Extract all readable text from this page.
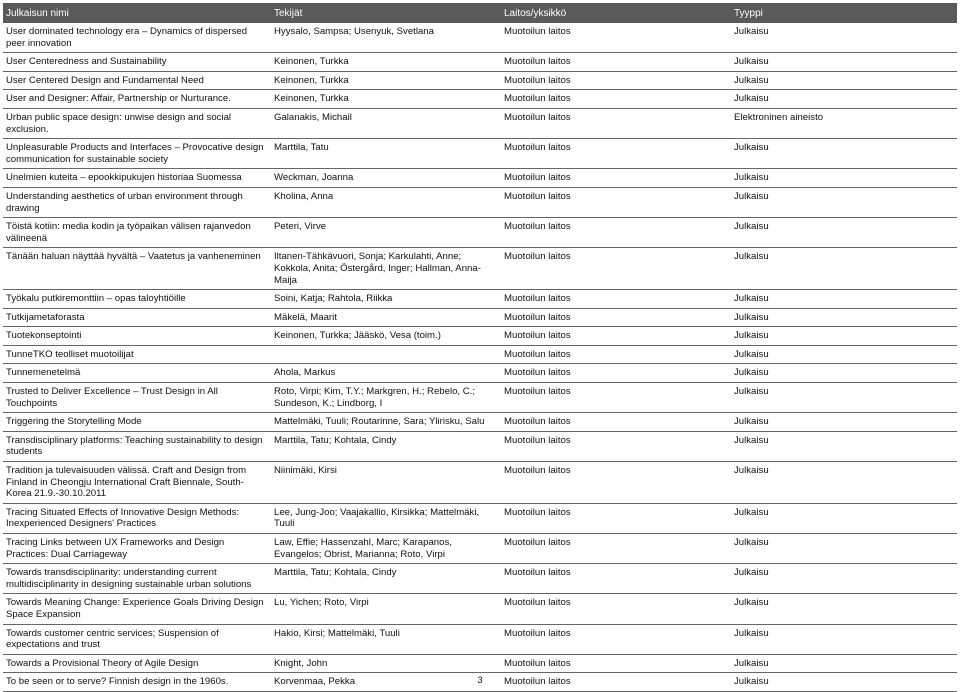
Julkaisun nimi	Tekijät	Laitos/yksikkö	Tyyppi
User dominated technology era – Dynamics of dispersed peer innovation	Hyysalo, Sampsa; Usenyuk, Svetlana	Muotoilun laitos	Julkaisu
User Centeredness and Sustainability	Keinonen, Turkka	Muotoilun laitos	Julkaisu
User Centered Design and Fundamental Need	Keinonen, Turkka	Muotoilun laitos	Julkaisu
User and Designer: Affair, Partnership or Nurturance.	Keinonen, Turkka	Muotoilun laitos	Julkaisu
Urban public space design: unwise design and social exclusion.	Galanakis, Michail	Muotoilun laitos	Elektroninen aineisto
Unpleasurable Products and Interfaces – Provocative design communication for sustainable society	Marttila, Tatu	Muotoilun laitos	Julkaisu
Unelmien kuteita – epookkipukujen historiaa Suomessa	Weckman, Joanna	Muotoilun laitos	Julkaisu
Understanding aesthetics of urban environment through drawing	Kholina, Anna	Muotoilun laitos	Julkaisu
Töistä kotiin: media kodin ja työpaikan välisen rajanvedon välineenä	Peteri, Virve	Muotoilun laitos	Julkaisu
Tänään haluan näyttää hyvältä – Vaatetus ja vanheneminen	Iltanen-Tähkävuori, Sonja; Karkulahti, Anne; Kokkola, Anita; Östergård, Inger; Hallman, Anna-Maija	Muotoilun laitos	Julkaisu
Työkalu putkiremonttiin – opas taloyhtiöille	Soini, Katja; Rahtola, Riikka	Muotoilun laitos	Julkaisu
Tutkijametaforasta	Mäkelä, Maarit	Muotoilun laitos	Julkaisu
Tuotekonseptointi	Keinonen, Turkka; Jääskö, Vesa (toim.)	Muotoilun laitos	Julkaisu
TunneTKO teolliset muotoilijat		Muotoilun laitos	Julkaisu
Tunnemenetelmä	Ahola, Markus	Muotoilun laitos	Julkaisu
Trusted to Deliver Excellence – Trust Design in All Touchpoints	Roto, Virpi; Kim, T.Y.; Markgren, H.; Rebelo, C.; Sundeson, K.; Lindborg, I	Muotoilun laitos	Julkaisu
Triggering the Storytelling Mode	Mattelmäki, Tuuli; Routarinne, Sara; Ylirisku, Salu	Muotoilun laitos	Julkaisu
Transdisciplinary platforms: Teaching sustainability to design students	Marttila, Tatu; Kohtala, Cindy	Muotoilun laitos	Julkaisu
Tradition ja tulevaisuuden välissä. Craft and Design from Finland in Cheongju International Craft Biennale, South-Korea 21.9.-30.10.2011	Niinimäki, Kirsi	Muotoilun laitos	Julkaisu
Tracing Situated Effects of Innovative Design Methods: Inexperienced Designers' Practices	Lee, Jung-Joo; Vaajakallio, Kirsikka; Mattelmäki, Tuuli	Muotoilun laitos	Julkaisu
Tracing Links between UX Frameworks and Design Practices: Dual Carriageway	Law, Effie; Hassenzahl, Marc; Karapanos, Evangelos; Obrist, Marianna; Roto, Virpi	Muotoilun laitos	Julkaisu
Towards transdisciplinarity: understanding current multidisciplinarity in designing sustainable urban solutions	Marttila, Tatu; Kohtala, Cindy	Muotoilun laitos	Julkaisu
Towards Meaning Change: Experience Goals Driving Design Space Expansion	Lu, Yichen; Roto, Virpi	Muotoilun laitos	Julkaisu
Towards customer centric services; Suspension of expectations and trust	Hakio, Kirsi; Mattelmäki, Tuuli	Muotoilun laitos	Julkaisu
Towards a Provisional Theory of Agile Design	Knight, John	Muotoilun laitos	Julkaisu
To be seen or to serve? Finnish design in the 1960s.	Korvenmaa, Pekka	Muotoilun laitos	Julkaisu
3
